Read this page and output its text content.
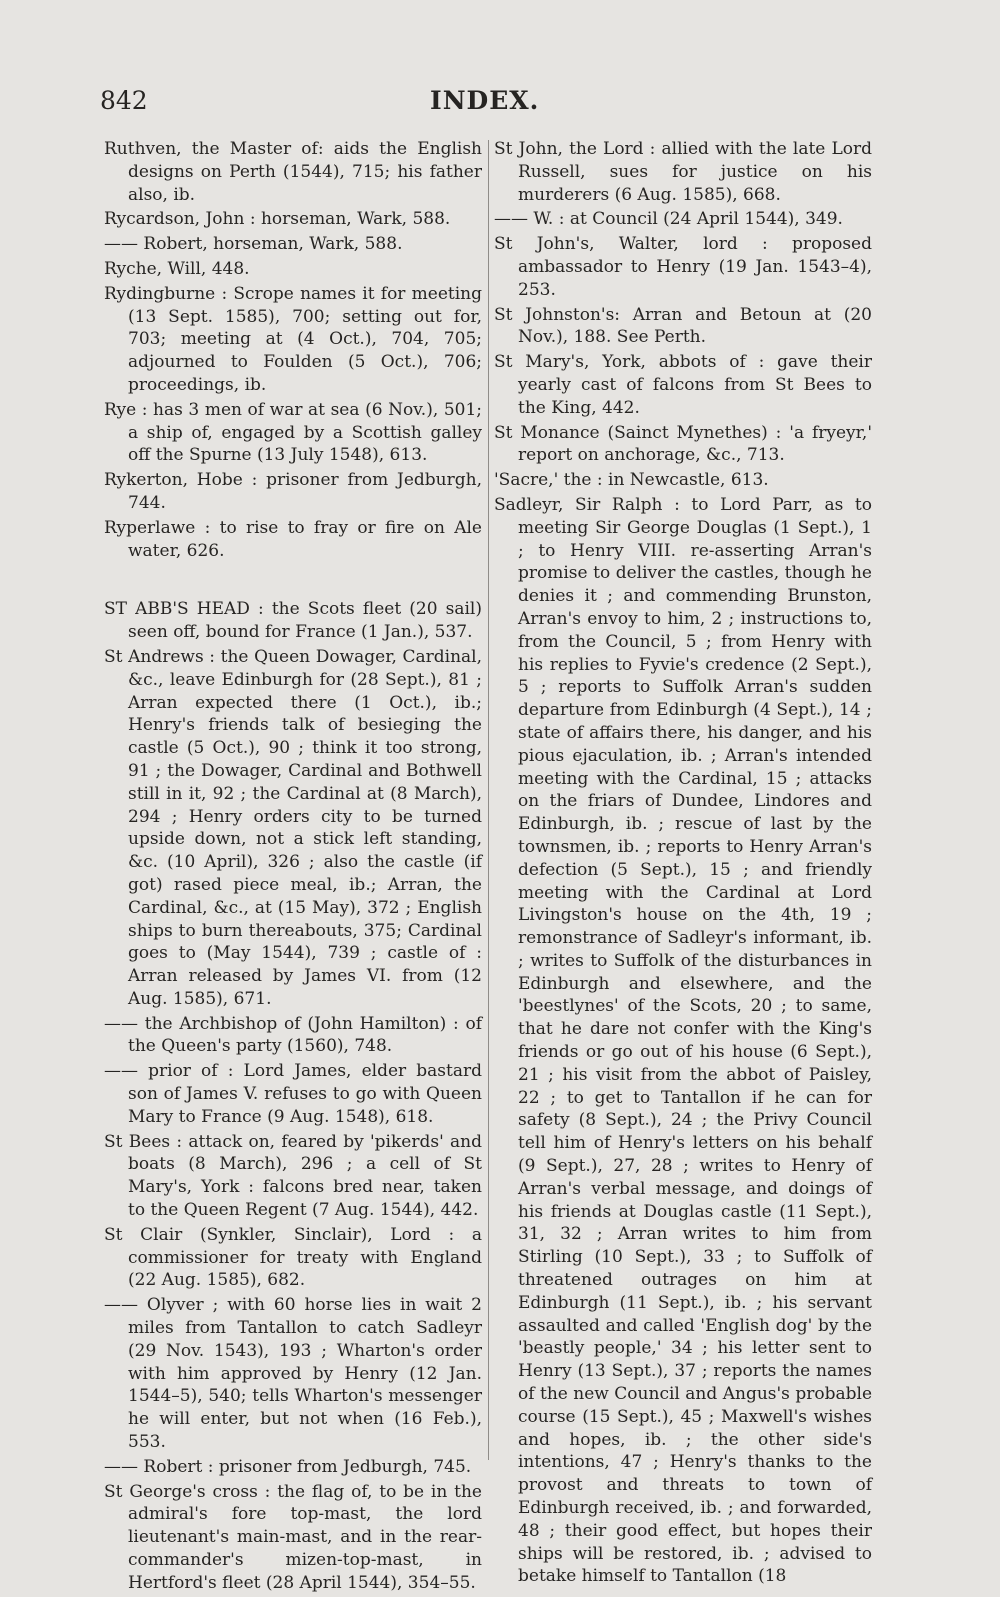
842	INDEX.

Ruthven, the Master of: aids the English designs on Perth (1544), 715; his father also, ib.

Rycardson, John : horseman, Wark, 588.

—— Robert, horseman, Wark, 588.

Ryche, Will, 448.

Rydingburne : Scrope names it for meeting (13 Sept. 1585), 700; setting out for, 703; meeting at (4 Oct.), 704, 705; adjourned to Foulden (5 Oct.), 706; proceedings, ib.

Rye : has 3 men of war at sea (6 Nov.), 501; a ship of, engaged by a Scottish galley off the Spurne (13 July 1548), 613.

Rykerton, Hobe : prisoner from Jedburgh, 744.

Ryperlawe : to rise to fray or fire on Ale water, 626.

ST ABB'S HEAD : the Scots fleet (20 sail) seen off, bound for France (1 Jan.), 537.

St Andrews : the Queen Dowager, Cardinal, &c., leave Edinburgh for (28 Sept.), 81 ; Arran expected there (1 Oct.), ib.; Henry's friends talk of besieging the castle (5 Oct.), 90 ; think it too strong, 91 ; the Dowager, Cardinal and Bothwell still in it, 92 ; the Cardinal at (8 March), 294 ; Henry orders city to be turned upside down, not a stick left standing, &c. (10 April), 326 ; also the castle (if got) rased piece meal, ib.; Arran, the Cardinal, &c., at (15 May), 372 ; English ships to burn thereabouts, 375; Cardinal goes to (May 1544), 739 ; castle of : Arran released by James VI. from (12 Aug. 1585), 671.

—— the Archbishop of (John Hamilton) : of the Queen's party (1560), 748.

—— prior of : Lord James, elder bastard son of James V. refuses to go with Queen Mary to France (9 Aug. 1548), 618.

St Bees : attack on, feared by 'pikerds' and boats (8 March), 296 ; a cell of St Mary's, York : falcons bred near, taken to the Queen Regent (7 Aug. 1544), 442.

St Clair (Synkler, Sinclair), Lord : a commissioner for treaty with England (22 Aug. 1585), 682.

—— Olyver ; with 60 horse lies in wait 2 miles from Tantallon to catch Sadleyr (29 Nov. 1543), 193 ; Wharton's order with him approved by Henry (12 Jan. 1544–5), 540; tells Wharton's messenger he will enter, but not when (16 Feb.), 553.

—— Robert : prisoner from Jedburgh, 745.

St George's cross : the flag of, to be in the admiral's fore top-mast, the lord lieutenant's main-mast, and in the rear-commander's mizen-top-mast, in Hertford's fleet (28 April 1544), 354–55.

St John, the Lord : allied with the late Lord Russell, sues for justice on his murderers (6 Aug. 1585), 668.

—— W. : at Council (24 April 1544), 349.

St John's, Walter, lord : proposed ambassador to Henry (19 Jan. 1543–4), 253.

St Johnston's: Arran and Betoun at (20 Nov.), 188. See Perth.

St Mary's, York, abbots of : gave their yearly cast of falcons from St Bees to the King, 442.

St Monance (Sainct Mynethes) : 'a fryeyr,' report on anchorage, &c., 713.

'Sacre,' the : in Newcastle, 613.

Sadleyr, Sir Ralph : to Lord Parr, as to meeting Sir George Douglas (1 Sept.), 1 ; to Henry VIII. re-asserting Arran's promise to deliver the castles, though he denies it ; and commending Brunston, Arran's envoy to him, 2 ; instructions to, from the Council, 5 ; from Henry with his replies to Fyvie's credence (2 Sept.), 5 ; reports to Suffolk Arran's sudden departure from Edinburgh (4 Sept.), 14 ; state of affairs there, his danger, and his pious ejaculation, ib. ; Arran's intended meeting with the Cardinal, 15 ; attacks on the friars of Dundee, Lindores and Edinburgh, ib. ; rescue of last by the townsmen, ib. ; reports to Henry Arran's defection (5 Sept.), 15 ; and friendly meeting with the Cardinal at Lord Livingston's house on the 4th, 19 ; remonstrance of Sadleyr's informant, ib. ; writes to Suffolk of the disturbances in Edinburgh and elsewhere, and the 'beestlynes' of the Scots, 20 ; to same, that he dare not confer with the King's friends or go out of his house (6 Sept.), 21 ; his visit from the abbot of Paisley, 22 ; to get to Tantallon if he can for safety (8 Sept.), 24 ; the Privy Council tell him of Henry's letters on his behalf (9 Sept.), 27, 28 ; writes to Henry of Arran's verbal message, and doings of his friends at Douglas castle (11 Sept.), 31, 32 ; Arran writes to him from Stirling (10 Sept.), 33 ; to Suffolk of threatened outrages on him at Edinburgh (11 Sept.), ib. ; his servant assaulted and called 'English dog' by the 'beastly people,' 34 ; his letter sent to Henry (13 Sept.), 37 ; reports the names of the new Council and Angus's probable course (15 Sept.), 45 ; Maxwell's wishes and hopes, ib. ; the other side's intentions, 47 ; Henry's thanks to the provost and threats to town of Edinburgh received, ib. ; and forwarded, 48 ; their good effect, but hopes their ships will be restored, ib. ; advised to betake himself to Tantallon (18
